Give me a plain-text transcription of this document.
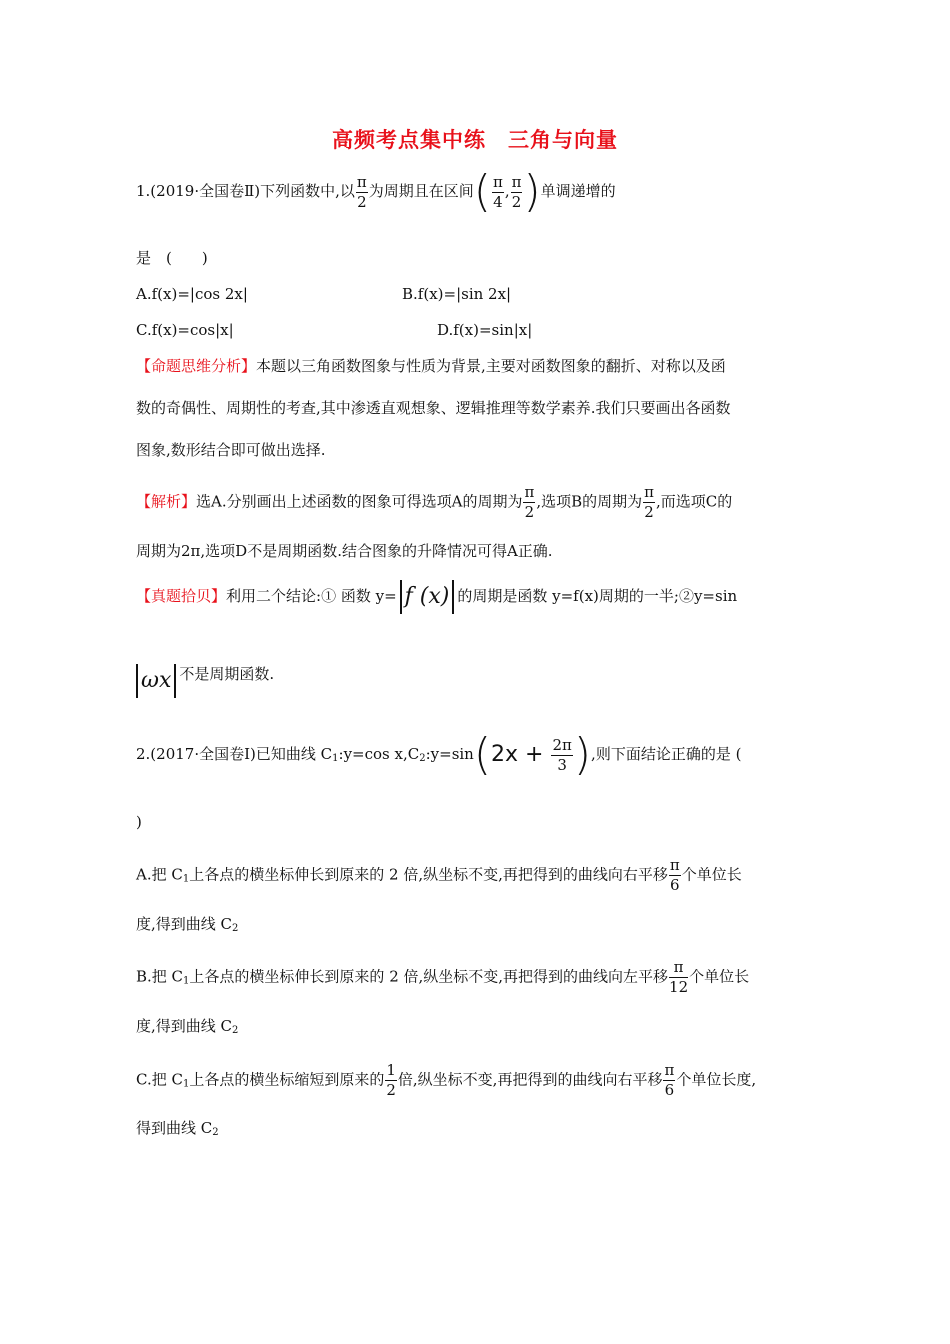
高频考点集中练　三角与向量
1.(2019·全国卷Ⅱ)下列函数中,以 $\frac{\pi}{2}$ 为周期且在区间( $\frac{\pi}{4}$ , $\frac{\pi}{2}$ )单调递增的
是　(　　)
A.f(x)=|cos 2x|	B.f(x)=|sin 2x|
C.f(x)=cos|x|	D.f(x)=sin|x|
【命题思维分析】本题以三角函数图象与性质为背景,主要对函数图象的翻折、对称以及函
数的奇偶性、周期性的考查,其中渗透直观想象、逻辑推理等数学素养.我们只要画出各函数
图象,数形结合即可做出选择.
【解析】选A.分别画出上述函数的图象可得选项A的周期为 $\frac{\pi}{2}$ ,选项B的周期为 $\frac{\pi}{2}$ ,而选项C的
周期为2π,选项D不是周期函数.结合图象的升降情况可得A正确.
【真题拾贝】利用二个结论:① 函数 y= f (x) 的周期是函数 y=f(x)周期的一半;②y=sin
ωx 不是周期函数.
2.(2017·全国卷Ⅰ)已知曲线 $C_1:y=\cos$ $x,C_2:y=\sin(2x + \frac{2\pi}{3}$ ),则下面结论正确的是 (
)
A.把 $C_1$上各点的横坐标伸长到原来的 2 倍,纵坐标不变,再把得到的曲线向右平移 $\frac{\pi}{6}$ 个单位长
度,得到曲线 $C_2$
B.把 $C_1$上各点的横坐标伸长到原来的 2 倍,纵坐标不变,再把得到的曲线向左平移 $\frac{\pi}{12}$ 个单位长
度,得到曲线 $C_2$
C.把 $C_1$上各点的横坐标缩短到原来的 $\frac{1}{2}$ 倍,纵坐标不变,再把得到的曲线向右平移 $\frac{\pi}{6}$ 个单位长度,
得到曲线 $C_2$
